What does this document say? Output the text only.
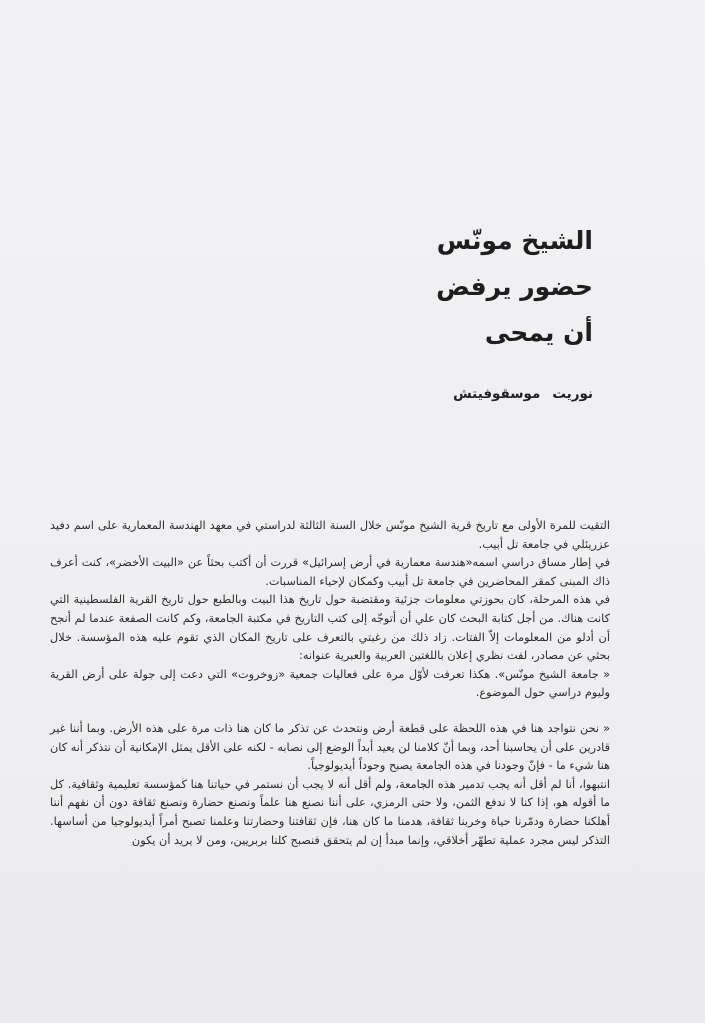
الشيخ مونّس
حضور يرفض
أن يمحى
نوريتموسقوفيتش

التقيت للمرة الأولى مع تاريخ قرية الشيخ مونّس خلال السنة الثالثة لدراستي في معهد الهندسة المعمارية على اسم دفيد عزريئلي في جامعة تل أبيب.

في إطار مساق دراسي اسمه«هندسة معمارية في أرض إسرائيل» قررت أن أكتب بحثاً عن «البيت الأخضر»، كنت أعرف ذاك المبنى كمقر المحاضرين في جامعة تل أبيب وكمكان لإحياء المناسبات.

في هذه المرحلة، كان بحوزتي معلومات جزئية ومقتضبة حول تاريخ هذا البيت وبالطبع حول تاريخ القرية الفلسطينية التي كانت هناك. من أجل كتابة البحث كان علي أن أتوجّه إلى كتب التاريخ في مكتبة الجامعة، وكم كانت الصفعة عندما لم أنجح أن أدلو من المعلومات إلاّ الفتات. زاد ذلك من رغبتي بالتعرف على تاريخ المكان الذي تقوم عليه هذه المؤسسة. خلال بحثي عن مصادر، لفت نظري إعلان باللغتين العربية والعبرية عنوانه:

« جامعة الشيخ مونّس». هكذا تعرفت لأوّل مرة على فعاليات جمعية «زوخروت» التي دعت إلى جولة على أرض القرية وليوم دراسي حول الموضوع.

« نحن نتواجد هنا في هذه اللحظة على قطعة أرض ونتحدث عن تذكر ما كان هنا ذات مرة على هذه الأرض. وبما أننا غير قادرين على أن يحاسبنا أحد، وبما أنّ كلامنا لن يعيد أبداً الوضع إلى نصابه - لكنه على الأقل يمثل الإمكانية أن نتذكر أنه كان هنا شيء ما - فإنّ وجودنا في هذه الجامعة يصبح وجوداً أيديولوجياً.

انتبهوا، أنا لم أقل أنه يجب تدمير هذه الجامعة، ولم أقل أنه لا يجب أن نستمر في حياتنا هنا كمؤسسة تعليمية وثقافية. كل ما أقوله هو، إذا كنا لا ندفع الثمن، ولا حتى الرمزي، على أننا نصنع هنا علماً ونصنع حضارة ونصنع ثقافة دون أن نفهم أننا أهلكنا حضارة ودمّرنا حياة وخربنا ثقافة، هدمنا ما كان هنا، فإن ثقافتنا وحضارتنا وعلمنا تصبح أمراً أيديولوجيا من أساسها. التذكر ليس مجرد عملية تطهّر أخلاقي، وإنما مبدأ إن لم يتحقق فنصبح كلنا بربريين، ومن لا يريد أن يكون
